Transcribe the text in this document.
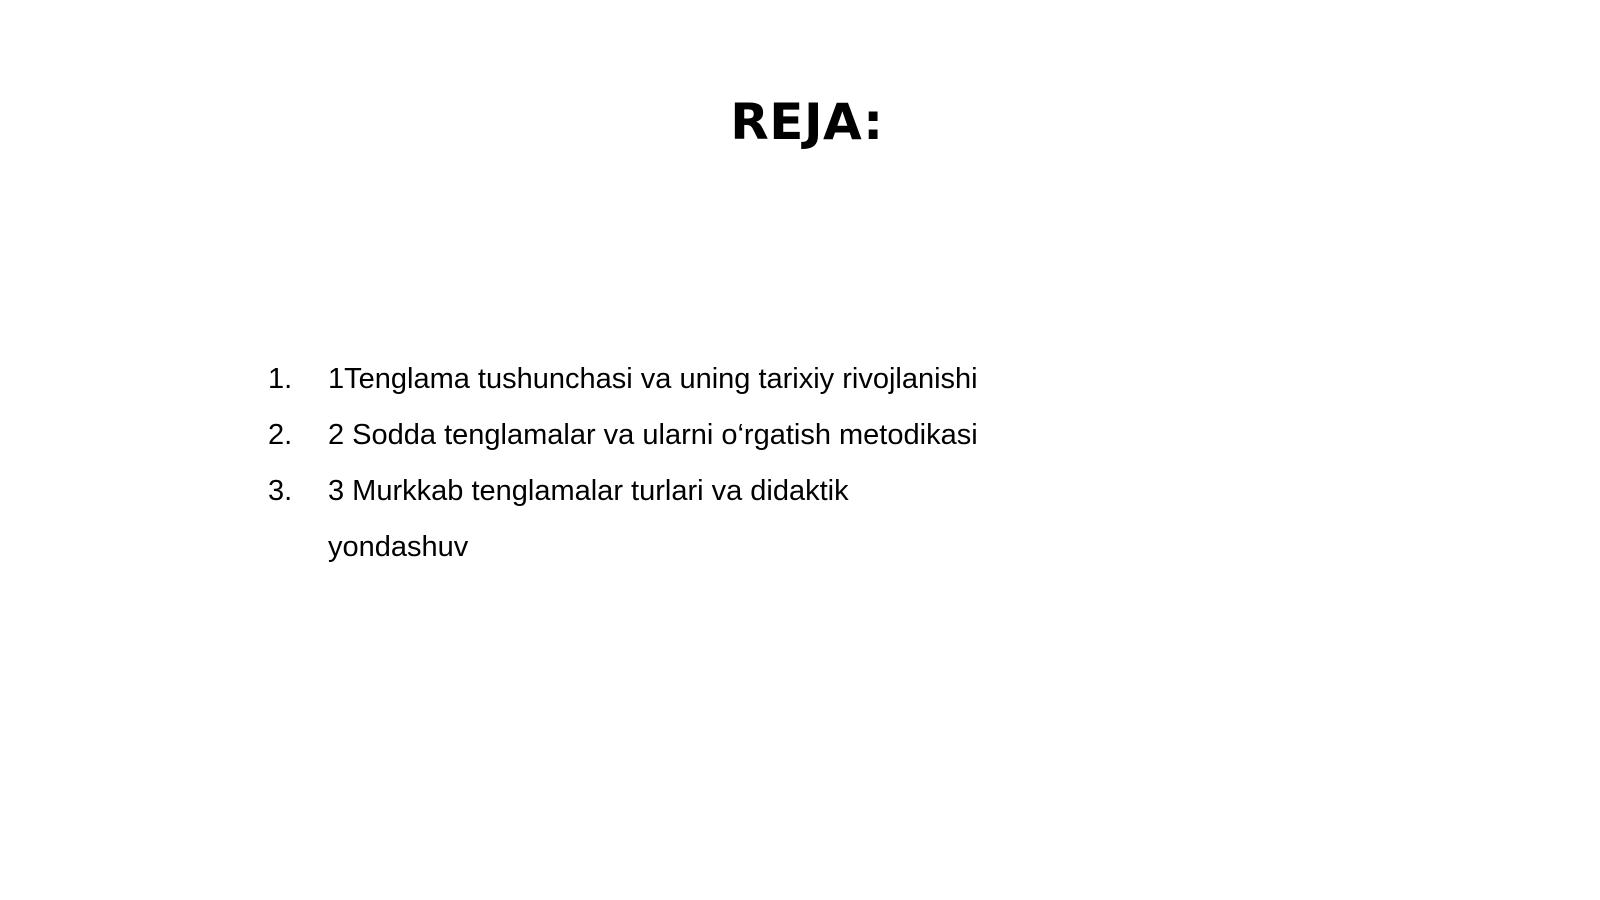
REJA:
1.	1Tenglama tushunchasi va uning tarixiy rivojlanishi
2.	2 Sodda tenglamalar va ularni o‘rgatish metodikasi
3.	3 Murkkab tenglamalar turlari va didaktik yondashuv
